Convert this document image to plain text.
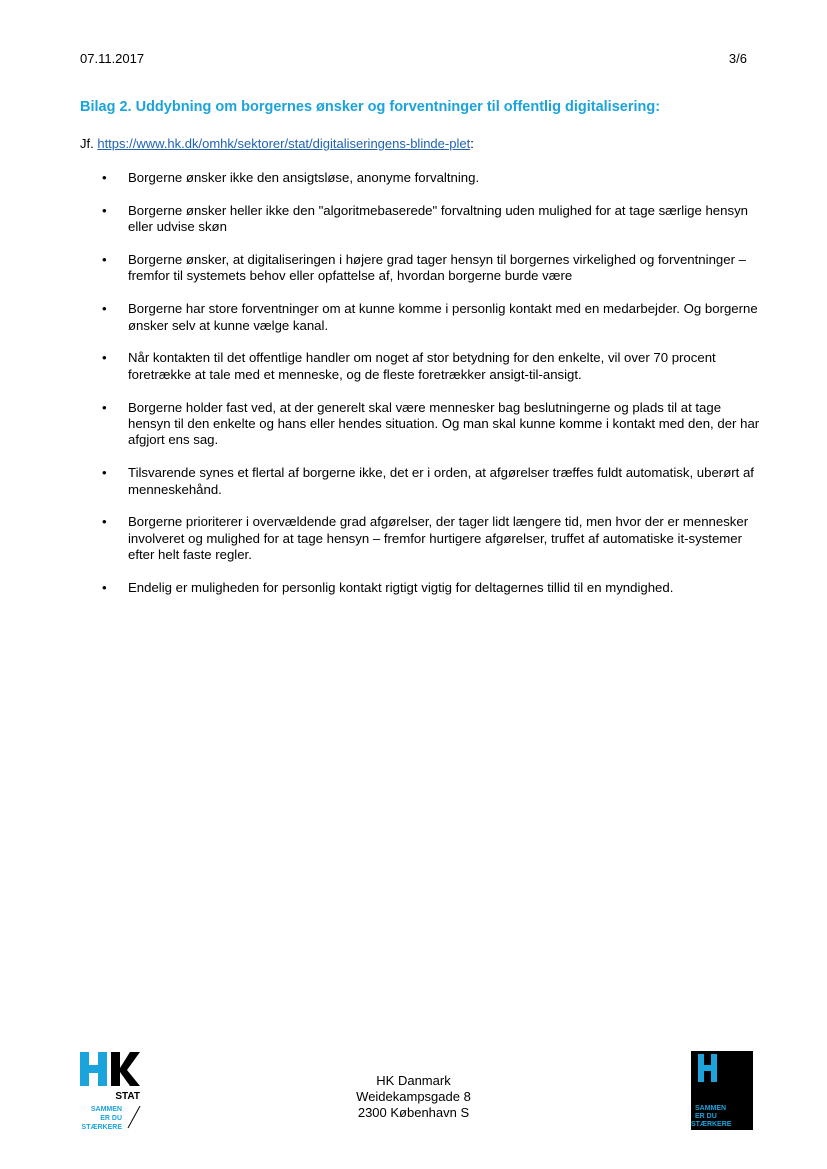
07.11.2017	3/6
Bilag 2. Uddybning om borgernes ønsker og forventninger til offentlig digitalisering:
Jf. https://www.hk.dk/omhk/sektorer/stat/digitaliseringens-blinde-plet:
• Borgerne ønsker ikke den ansigtsløse, anonyme forvaltning.
• Borgerne ønsker heller ikke den "algoritmebaserede" forvaltning uden mulighed for at tage særlige hensyn eller udvise skøn
• Borgerne ønsker, at digitaliseringen i højere grad tager hensyn til borgernes virkelighed og forventninger – fremfor til systemets behov eller opfattelse af, hvordan borgerne burde være
• Borgerne har store forventninger om at kunne komme i personlig kontakt med en medarbejder. Og borgerne ønsker selv at kunne vælge kanal.
• Når kontakten til det offentlige handler om noget af stor betydning for den enkelte, vil over 70 procent foretrække at tale med et menneske, og de fleste foretrækker ansigt-til-ansigt.
• Borgerne holder fast ved, at der generelt skal være mennesker bag beslutningerne og plads til at tage hensyn til den enkelte og hans eller hendes situation. Og man skal kunne komme i kontakt med den, der har afgjort ens sag.
• Tilsvarende synes et flertal af borgerne ikke, det er i orden, at afgørelser træffes fuldt automatisk, uberørt af menneskehånd.
• Borgerne prioriterer i overvældende grad afgørelser, der tager lidt længere tid, men hvor der er mennesker involveret og mulighed for at tage hensyn – fremfor hurtigere afgørelser, truffet af automatiske it-systemer efter helt faste regler.
• Endelig er muligheden for personlig kontakt rigtigt vigtig for deltagernes tillid til en myndighed.
STAT
SAMMEN
ER DU
STÆRKERE
HK Danmark
Weidekampsgade 8
2300 København S	SAMMEN
ER DU
STÆRKERE
